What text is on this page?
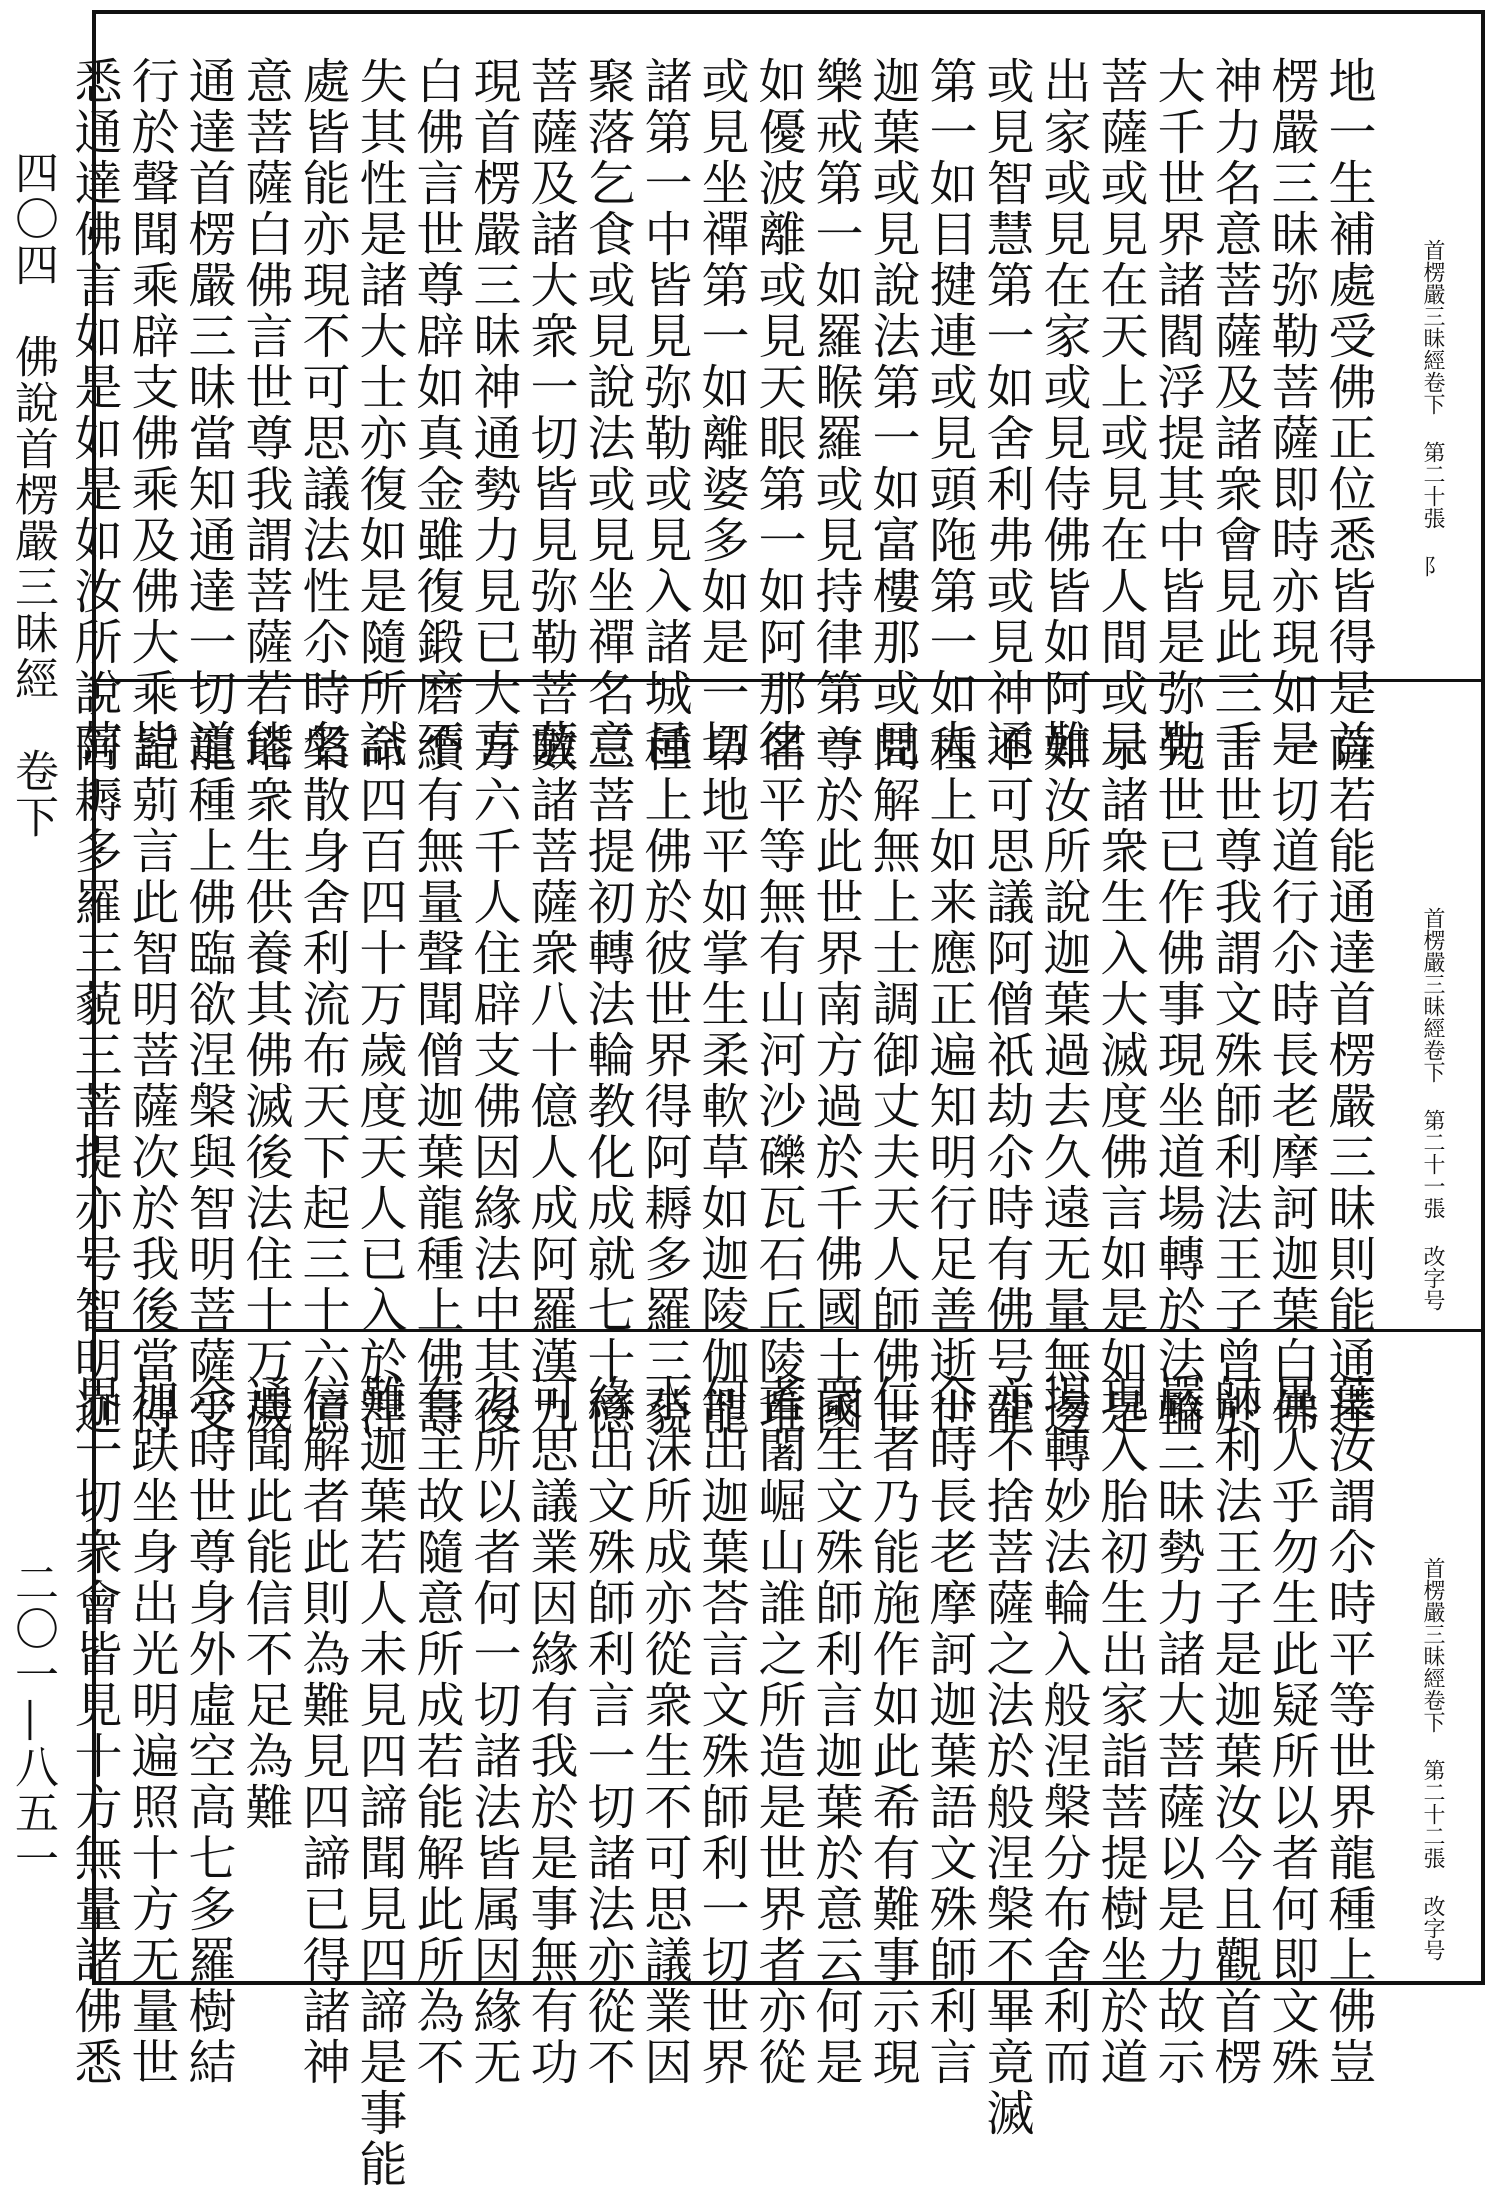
四〇四　佛說首楞嚴三昧經　卷下
二〇一—八五一
首楞嚴三昧經卷下第二十張阝
地一生補處受佛正位悉皆得是首
楞嚴三昧弥勒菩薩即時亦現如是
神力名意菩薩及諸衆會見此三千
大千世界諸閻浮提其中皆是弥勒
菩薩或見在天上或見在人間或見
出家或見在家或見侍佛皆如阿難
或見智慧第一如舍利弗或見神通
第一如目揵連或見頭陁第一如大
迦葉或見說法第一如富樓那或見
樂戒第一如羅睺羅或見持律第一
如優波離或見天眼第一如阿那律
或見坐禪第一如離婆多如是一切
諸第一中皆見弥勒或見入諸城邑
聚落乞食或見說法或見坐禪名意
菩薩及諸大衆一切皆見弥勒菩薩
現首楞嚴三昧神通勢力見已大喜
白佛言世尊辟如真金雖復鍛磨不
失其性是諸大士亦復如是隨所試
處皆能亦現不可思議法性尒時名
意菩薩白佛言世尊我謂菩薩若能
通達首楞嚴三昧當知通達一切道
行於聲聞乘辟支佛乘及佛大乘皆
悉通達佛言如是如是如汝所說菩
首楞嚴三昧經卷下第二十一張改字号
薩若能通達首楞嚴三昧則能通達
一切道行尒時長老摩訶迦葉白佛
言世尊我謂文殊師利法王子曾於
先世已作佛事現坐道場轉於法輪
示諸衆生入大滅度佛言如是如是
如汝所說迦葉過去久遠无量無邊
不可思議阿僧祇劫尒時有佛号龍
種上如来應正遍知明行足善逝世
間解無上士調御丈夫天人師佛世
尊於此世界南方過於千佛國土國
名平等無有山河沙礫瓦石丘陵堆
阜地平如掌生柔軟草如迦陵伽龍
種上佛於彼世界得阿耨多羅三藐
三菩提初轉法輪教化成就七十億
數諸菩薩衆八十億人成阿羅漢九
万六千人住辟支佛因緣法中其後
續有無量聲聞僧迦葉龍種上佛壽
命四百四十万歲度天人已入於涅
槃散身舍利流布天下起三十六億
塔衆生供養其佛滅後法住十万歲
龍種上佛臨欲涅槃與智明菩薩受
記莂言此智明菩薩次於我後當得
阿耨多羅三藐三菩提亦号智明迦
首楞嚴三昧經卷下第二十二張改字号
葉汝謂尒時平等世界龍種上佛豈
異人乎勿生此疑所以者何即文殊
師利法王子是迦葉汝今且觀首楞
嚴三昧勢力諸大菩薩以是力故示
現入胎初生出家詣菩提樹坐於道
場轉妙法輪入般涅槃分布舍利而
亦不捨菩薩之法於般涅槃不畢竟滅
尒時長老摩訶迦葉語文殊師利言
仁者乃能施作如此希有難事示現
衆生文殊師利言迦葉於意云何是
耆闍崛山誰之所造是世界者亦從
何出迦葉荅言文殊師利一切世界
水沫所成亦從衆生不可思議業因
緣出文殊師利言一切諸法亦從不
可思議業因緣有我於是事無有功
力所以者何一切諸法皆属因緣无
有主故隨意所成若能解此所為不
難迦葉若人未見四諦聞見四諦是事能
信解者此則為難見四諦已得諸神
通聞此能信不足為難
尒時世尊身外虛空高七多羅樹結
加趺坐身出光明遍照十方无量世
界一切衆會皆見十方無量諸佛悉
